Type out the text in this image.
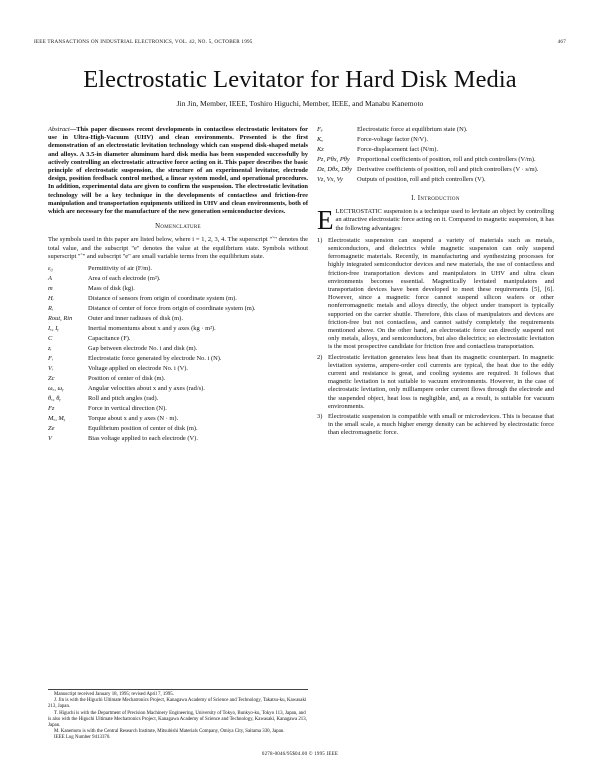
IEEE TRANSACTIONS ON INDUSTRIAL ELECTRONICS, VOL. 42, NO. 5, OCTOBER 1995	467
Electrostatic Levitator for Hard Disk Media
Jin Jin, Member, IEEE, Toshiro Higuchi, Member, IEEE, and Manabu Kanemoto

Abstract—This paper discusses recent developments in contactless electrostatic levitators for use in Ultra-High-Vacuum (UHV) and clean environments. Presented is the first demonstration of an electrostatic levitation technology which can suspend disk-shaped metals and alloys. A 3.5-in diameter aluminum hard disk media has been suspended successfully by actively controlling an electrostatic attractive force acting on it. This paper describes the basic principle of electrostatic suspension, the structure of an experimental levitator, electrode design, position feedback control method, a linear system model, and operational procedures. In addition, experimental data are given to confirm the suspension. The electrostatic levitation technology will be a key technique in the developments of contactless and friction-free manipulation and transportation equipments utilized in UHV and clean environments, both of which are necessary for the manufacture of the new generation semiconductor devices.

Nomenclature

The symbols used in this paper are listed below, where i = 1, 2, 3, 4. The superscript "˜" denotes the total value, and the subscript "e" denotes the value at the equilibrium state. Symbols without superscript "˜" and subscript "e" are small variable terms from the equilibrium state.

ε₀	Permittivity of air (F/m).
A	Area of each electrode (m²).
m	Mass of disk (kg).
Hᵢ	Distance of sensors from origin of coordinate system (m).
Rᵢ	Distance of center of force from origin of coordinate system (m).
Rout, Rin	Outer and inner radiuses of disk (m).
Iₓ, Iᵧ	Inertial momentums about x and y axes (kg · m²).
C	Capacitance (F).
zᵢ	Gap between electrode No. i and disk (m).
Fᵢ	Electrostatic force generated by electrode No. i (N).
Vᵢ	Voltage applied on electrode No. i (V).
Zc	Position of center of disk (m).
ωₓ, ωᵧ	Angular velocities about x and y axes (rad/s).
θₓ, θᵧ	Roll and pitch angles (rad).
Fz	Force in vertical direction (N).
Mₓ, Mᵧ	Torque about x and y axes (N · m).
Ze	Equilibrium position of center of disk (m).
V	Bias voltage applied to each electrode (V).
Fₑ	Electrostatic force at equilibrium state (N).
Kᵤ	Force-voltage factor (N/V).
Kz	Force-displacement fact (N/m).
Pz, Pθx, Pθy	Proportional coefficients of position, roll and pitch controllers (V/m).
Dz, Dθx, Dθy	Derivative coefficients of position, roll and pitch controllers (V · s/m).
Vz, Vx, Vy	Outputs of position, roll and pitch controllers (V).
I. Introduction

ELECTROSTATIC suspension is a technique used to levitate an object by controlling an attractive electrostatic force acting on it. Compared to magnetic suspension, it has the following advantages:

1) Electrostatic suspension can suspend a variety of materials such as metals, semiconductors, and dielectrics while magnetic suspension can only suspend ferromagnetic materials. Recently, in manufacturing and synthesizing processes for highly integrated semiconductor devices and new materials, the use of contactless and friction-free transportation devices and manipulators in UHV and ultra clean environments becomes essential. Magnetically levitated manipulators and transportation devices have been developed to meet these requirements [5], [6]. However, since a magnetic force cannot suspend silicon wafers or other nonferromagnetic metals and alloys directly, the object under transport is typically supported on the carrier shuttle. Therefore, this class of manipulators and devices are friction-free but not contactless, and cannot satisfy completely the requirements mentioned above. On the other hand, an electrostatic force can directly suspend not only metals, alloys, and semiconductors, but also dielectrics; so electrostatic levitation is the most prospective candidate for friction free and contactless transportation.
2) Electrostatic levitation generates less heat than its magnetic counterpart. In magnetic levitation systems, ampere-order coil currents are typical, the heat due to the eddy current and resistance is great, and cooling systems are required. It follows that magnetic levitation is not suitable to vacuum environments. However, in the case of electrostatic levitation, only milliampere order current flows through the electrode and the suspended object, heat loss is negligible, and, as a result, is suitable for vacuum environments.
3) Electrostatic suspension is compatible with small or microdevices. This is because that in the small scale, a much higher energy density can be achieved by electrostatic force than electromagnetic force.

Manuscript received January 18, 1995; revised April 7, 1995.

J. Jin is with the Higuchi Ultimate Mechatronics Project, Kanagawa Academy of Science and Technology, Takatsu-ku, Kawasaki 213, Japan.

T. Higuchi is with the Department of Precision Machinery Engineering, University of Tokyo, Bunkyo-ku, Tokyo 113, Japan, and is also with the Higuchi Ultimate Mechatronics Project, Kanagawa Academy of Science and Technology, Kawasaki, Kanagawa 213, Japan.

M. Kanemoto is with the Central Research Institute, Mitsubishi Materials Company, Omiya City, Saitama 330, Japan.

IEEE Log Number 9413370.

0278-0046/95$04.00 © 1995 IEEE
